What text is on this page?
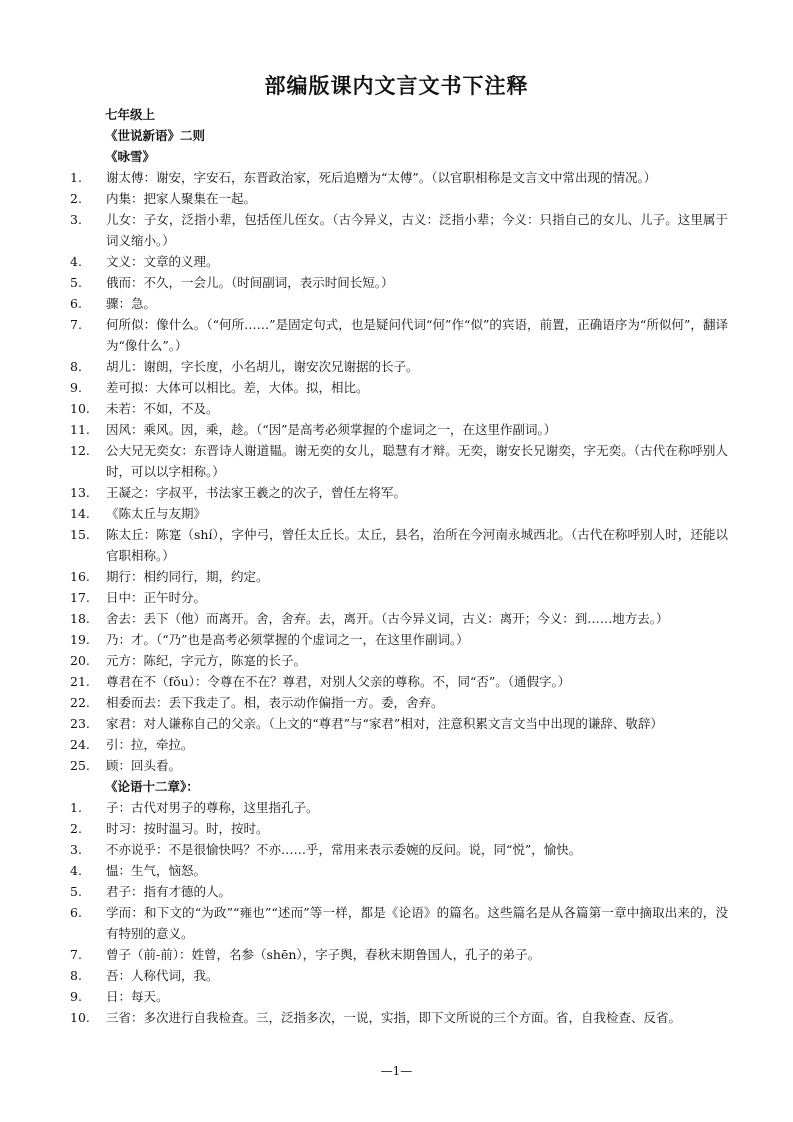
部编版课内文言文书下注释
七年级上
《世说新语》二则
《咏雪》
1. 谢太傅：谢安，字安石，东晋政治家，死后追赠为“太傅”。（以官职相称是文言文中常出现的情况。）
2. 内集：把家人聚集在一起。
3. 儿女：子女，泛指小辈，包括侄儿侄女。（古今异义，古义：泛指小辈；今义：只指自己的女儿、儿子。这里属于词义缩小。）
4. 文义：文章的义理。
5. 俄而：不久，一会儿。（时间副词，表示时间长短。）
6. 骤：急。
7. 何所似：像什么。（“何所……”是固定句式，也是疑问代词“何”作“似”的宾语，前置，正确语序为“所似何”，翻译为“像什么”。）
8. 胡儿：谢朗，字长度，小名胡儿，谢安次兄谢据的长子。
9. 差可拟：大体可以相比。差，大体。拟，相比。
10. 未若：不如，不及。
11. 因风：乘风。因，乘，趁。（“因”是高考必须掌握的个虚词之一，在这里作副词。）
12. 公大兄无奕女：东晋诗人谢道韫。谢无奕的女儿，聪慧有才辩。无奕，谢安长兄谢奕，字无奕。（古代在称呼别人时，可以以字相称。）
13. 王凝之：字叔平，书法家王羲之的次子，曾任左将军。
14. 《陈太丘与友期》
15. 陈太丘：陈寔（shí），字仲弓，曾任太丘长。太丘，县名，治所在今河南永城西北。（古代在称呼别人时，还能以官职相称。）
16. 期行：相约同行，期，约定。
17. 日中：正午时分。
18. 舍去：丢下（他）而离开。舍，舍弃。去，离开。（古今异义词，古义：离开；今义：到……地方去。）
19. 乃：才。（“乃”也是高考必须掌握的个虚词之一，在这里作副词。）
20. 元方：陈纪，字元方，陈寔的长子。
21. 尊君在不（fǒu）：令尊在不在？尊君，对别人父亲的尊称。不，同“否”。（通假字。）
22. 相委而去：丢下我走了。相，表示动作偏指一方。委，舍弃。
23. 家君：对人谦称自己的父亲。（上文的“尊君”与“家君”相对，注意积累文言文当中出现的谦辞、敬辞）
24. 引：拉，牵拉。
25. 顾：回头看。
《论语十二章》：
1. 子：古代对男子的尊称，这里指孔子。
2. 时习：按时温习。时，按时。
3. 不亦说乎：不是很愉快吗？不亦……乎，常用来表示委婉的反问。说，同“悦”，愉快。
4. 愠：生气，恼怒。
5. 君子：指有才德的人。
6. 学而：和下文的“为政”“雍也”“述而”等一样，都是《论语》的篇名。这些篇名是从各篇第一章中摘取出来的，没有特别的意义。
7. 曾子（前-前）：姓曾，名参（shēn），字子舆，春秋末期鲁国人，孔子的弟子。
8. 吾：人称代词，我。
9. 日：每天。
10. 三省：多次进行自我检查。三，泛指多次，一说，实指，即下文所说的三个方面。省，自我检查、反省。
—1—
